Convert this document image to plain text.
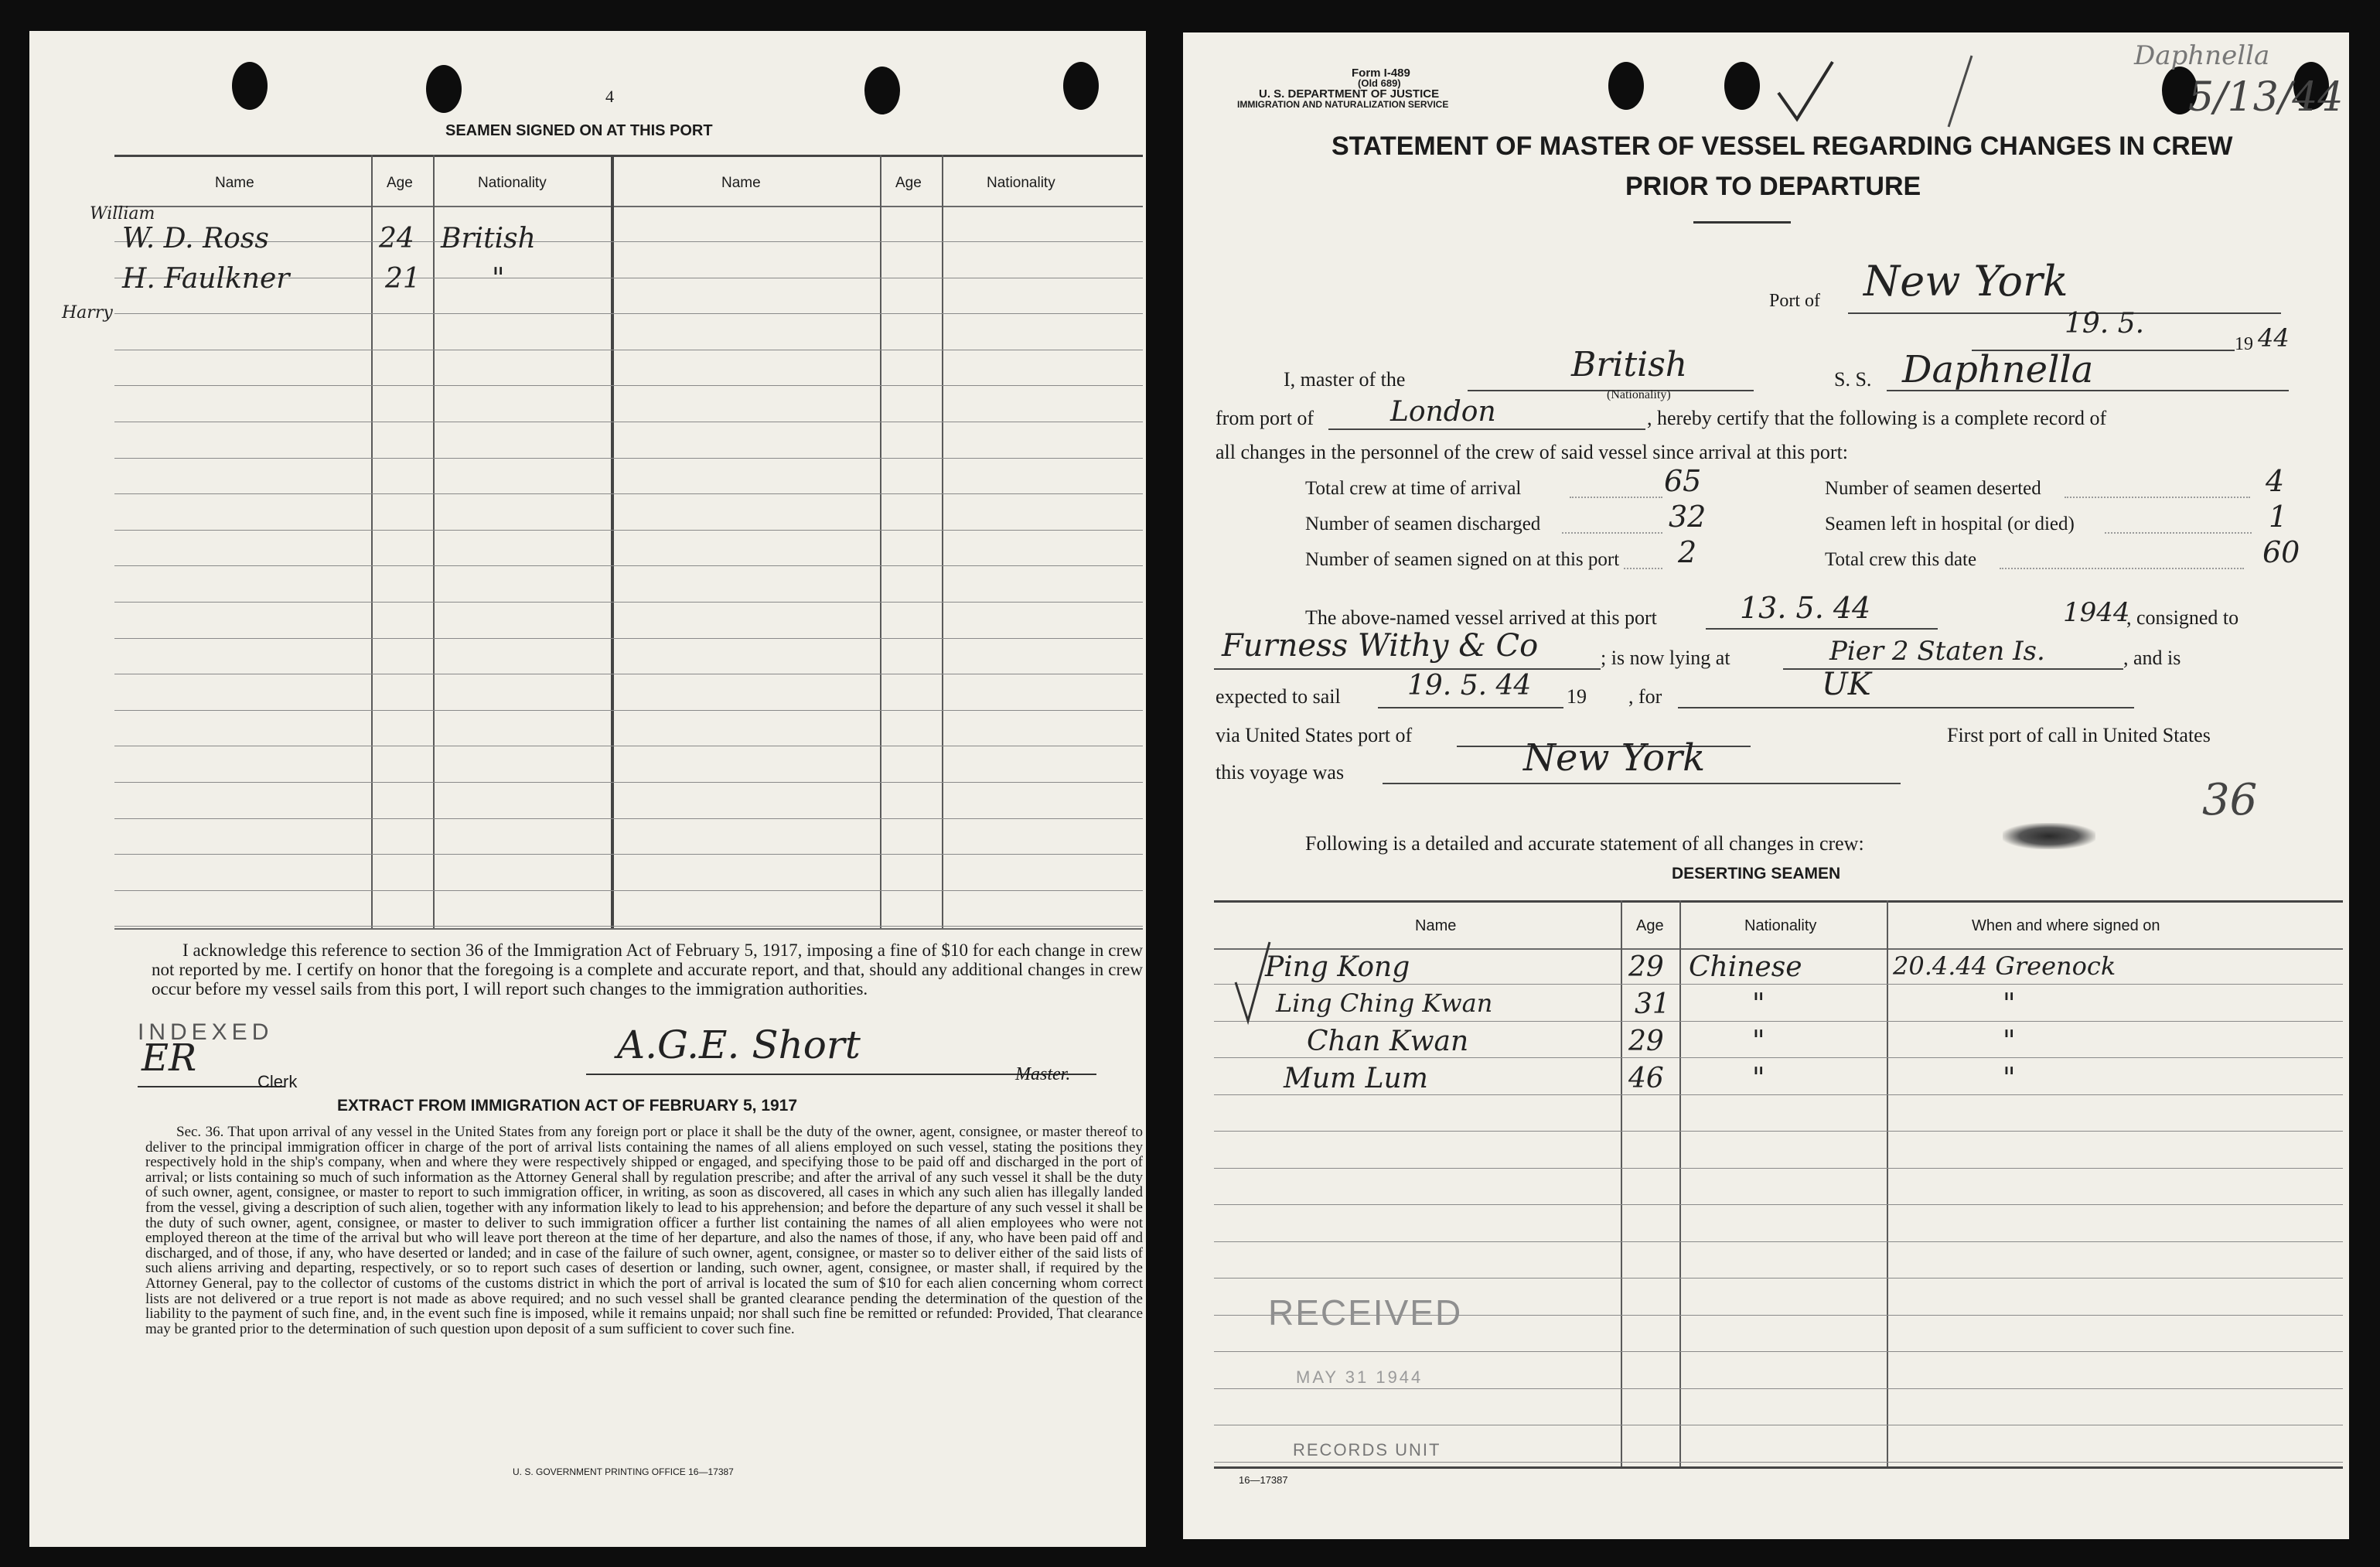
4
SEAMEN SIGNED ON AT THIS PORT
Name	Age	Nationality	Name	Age	Nationality
William
W. D. Ross	24 British
H. Faulkner	21	"
Harry
I acknowledge this reference to section 36 of the Immigration Act of February 5, 1917, imposing a fine of $10 for each change in crew not reported by me. I certify on honor that the foregoing is a complete and accurate report, and that, should any additional changes in crew occur before my vessel sails from this port, I will report such changes to the immigration authorities.
INDEXED
ER
Clerk
A.G.E. Short
Master.
EXTRACT FROM IMMIGRATION ACT OF FEBRUARY 5, 1917
Sec. 36. That upon arrival of any vessel in the United States from any foreign port or place it shall be the duty of the owner, agent, consignee, or master thereof to deliver to the principal immigration officer in charge of the port of arrival lists containing the names of all aliens employed on such vessel, stating the positions they respectively hold in the ship's company, when and where they were respectively shipped or engaged, and specifying those to be paid off and discharged in the port of arrival; or lists containing so much of such information as the Attorney General shall by regulation prescribe; and after the arrival of any such vessel it shall be the duty of such owner, agent, consignee, or master to report to such immigration officer, in writing, as soon as discovered, all cases in which any such alien has illegally landed from the vessel, giving a description of such alien, together with any information likely to lead to his apprehension; and before the departure of any such vessel it shall be the duty of such owner, agent, consignee, or master to deliver to such immigration officer a further list containing the names of all alien employees who were not employed thereon at the time of the arrival but who will leave port thereon at the time of her departure, and also the names of those, if any, who have been paid off and discharged, and of those, if any, who have deserted or landed; and in case of the failure of such owner, agent, consignee, or master so to deliver either of the said lists of such aliens arriving and departing, respectively, or so to report such cases of desertion or landing, such owner, agent, consignee, or master shall, if required by the Attorney General, pay to the collector of customs of the customs district in which the port of arrival is located the sum of $10 for each alien concerning whom correct lists are not delivered or a true report is not made as above required; and no such vessel shall be granted clearance pending the determination of the question of the liability to the payment of such fine, and, in the event such fine is imposed, while it remains unpaid; nor shall such fine be remitted or refunded: Provided, That clearance may be granted prior to the determination of such question upon deposit of a sum sufficient to cover such fine.
U. S. GOVERNMENT PRINTING OFFICE 16—17387
Daphnella
5/13/44
Form I-489
(Old 689)
U. S. DEPARTMENT OF JUSTICE
IMMIGRATION AND NATURALIZATION SERVICE
STATEMENT OF MASTER OF VESSEL REGARDING CHANGES IN CREW
PRIOR TO DEPARTURE
Port of New York
19. 5.
19 44
I, master of the	British
(Nationality)
S. S. Daphnella
from port of	London	, hereby certify that the following is a complete record of
all changes in the personnel of the crew of said vessel since arrival at this port:
Total crew at time of arrival	65
Number of seamen discharged	32
Number of seamen signed on at this port 2
Number of seamen deserted	4
Seamen left in hospital (or died)	1
Total crew this date	60
The above-named vessel arrived at this port	13. 5. 44	1944
, consigned to
Furness Withy & Co	; is now lying at	Pier 2 Staten Is.	, and is
expected to sail 19. 5. 44 19 , for	UK
via United States port of	First port of call in United States
this voyage was	New York
36
Following is a detailed and accurate statement of all changes in crew:
DESERTING SEAMEN
Name	Age	Nationality	When and where signed on
Ping Kong	29 Chinese	20.4.44 Greenock
Ling Ching Kwan	31	"	"
Chan Kwan	29	"	"
Mum Lum	46	"	"
RECEIVED
MAY 31 1944
16—17387
RECORDS UNIT
